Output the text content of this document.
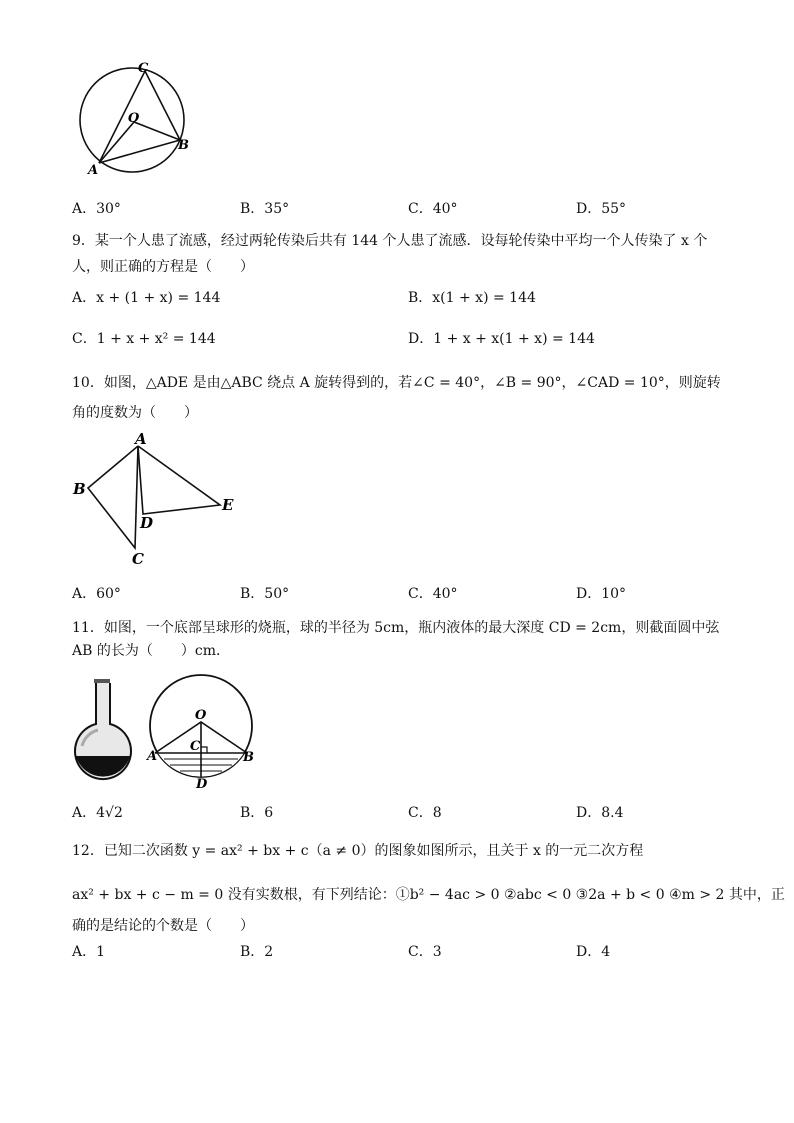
C
O
A
B
A．30°	B．35°	C．40°	D．55°
9．某一个人患了流感，经过两轮传染后共有 144 个人患了流感．设每轮传染中平均一个人传染了 x 个
人，则正确的方程是（　　）
A．x + (1 + x) = 144	B．x(1 + x) = 144
C．1 + x + x² = 144	D．1 + x + x(1 + x) = 144
10．如图，△ADE 是由△ABC 绕点 A 旋转得到的，若∠C = 40°，∠B = 90°，∠CAD = 10°，则旋转
角的度数为（　　）
A
B
C
D
E
A．60°	B．50°	C．40°	D．10°
11．如图，一个底部呈球形的烧瓶，球的半径为 5cm，瓶内液体的最大深度 CD = 2cm，则截面圆中弦
AB 的长为（　　）cm．
O
C
A	B
D
A．4√2	B．6	C．8	D．8.4
12．已知二次函数 y = ax² + bx + c（a ≠ 0）的图象如图所示，且关于 x 的一元二次方程
ax² + bx + c − m = 0 没有实数根，有下列结论：①b² − 4ac > 0 ②abc < 0 ③2a + b < 0 ④m > 2 其中，正
确的是结论的个数是（　　）
A．1	B．2	C．3	D．4
